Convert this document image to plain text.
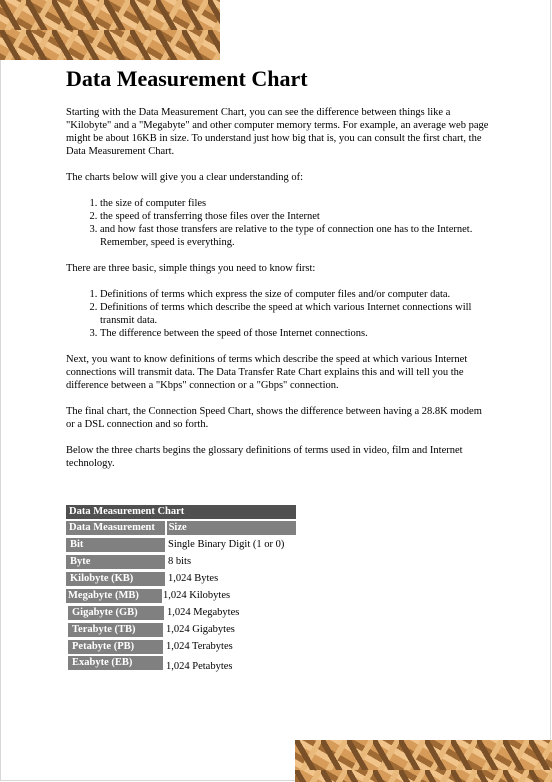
Data Measurement Chart

Starting with the Data Measurement Chart, you can see the difference between things like a "Kilobyte" and a "Megabyte" and other computer memory terms. For example, an average web page might be about 16KB in size. To understand just how big that is, you can consult the first chart, the Data Measurement Chart.

The charts below will give you a clear understanding of:

1. the size of computer files
2. the speed of transferring those files over the Internet
3. and how fast those transfers are relative to the type of connection one has to the Internet. Remember, speed is everything.

There are three basic, simple things you need to know first:

1. Definitions of terms which express the size of computer files and/or computer data.
2. Definitions of terms which describe the speed at which various Internet connections will transmit data.
3. The difference between the speed of those Internet connections.

Next, you want to know definitions of terms which describe the speed at which various Internet connections will transmit data. The Data Transfer Rate Chart explains this and will tell you the difference between a "Kbps" connection or a "Gbps" connection.

The final chart, the Connection Speed Chart, shows the difference between having a 28.8K modem or a DSL connection and so forth.

Below the three charts begins the glossary definitions of terms used in video, film and Internet technology.

Data Measurement Chart
Data Measurement	Size
Bit	Single Binary Digit (1 or 0)
Byte	8 bits
Kilobyte (KB)	1,024 Bytes
Megabyte (MB)	1,024 Kilobytes
Gigabyte (GB)	1,024 Megabytes
Terabyte (TB)	1,024 Gigabytes
Petabyte (PB)	1,024 Terabytes
Exabyte (EB)	1,024 Petabytes
